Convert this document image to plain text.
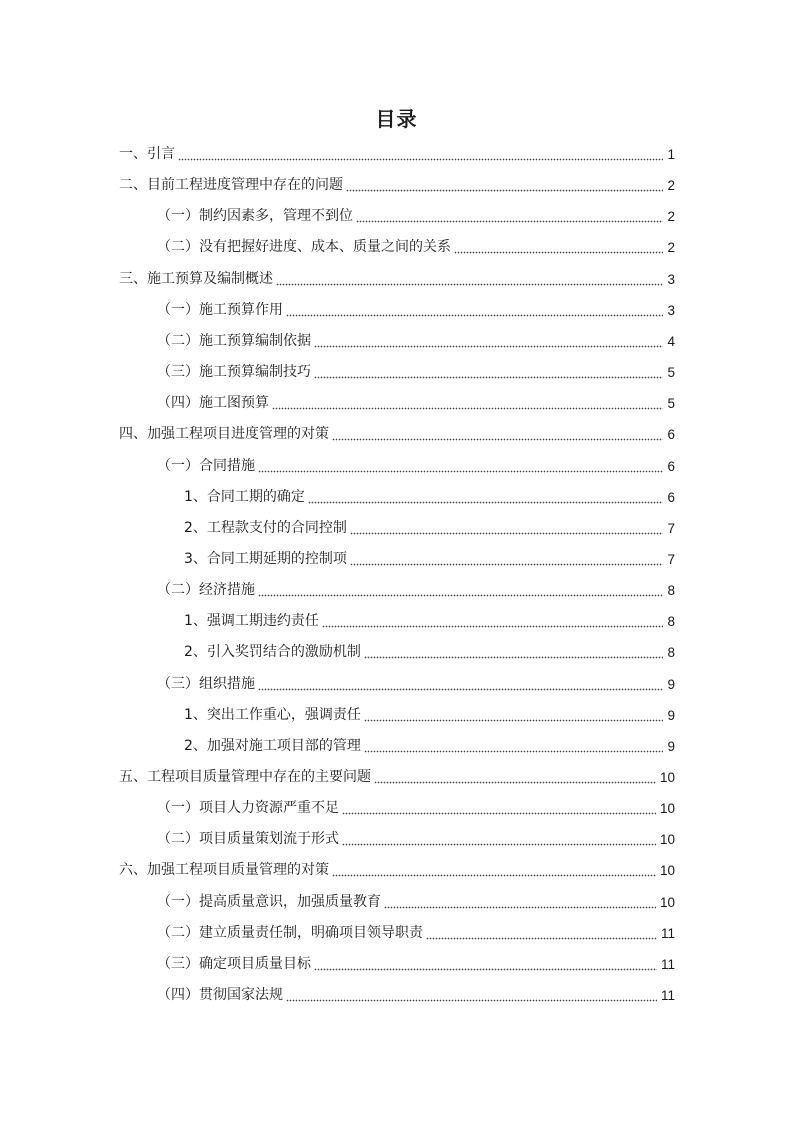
目录
一、引言	1
二、目前工程进度管理中存在的问题	2
（一）制约因素多，管理不到位	2
（二）没有把握好进度、成本、质量之间的关系	2
三、施工预算及编制概述	3
（一）施工预算作用	3
（二）施工预算编制依据	4
（三）施工预算编制技巧	5
（四）施工图预算	5
四、加强工程项目进度管理的对策	6
（一）合同措施	6
1、合同工期的确定	6
2、工程款支付的合同控制	7
3、合同工期延期的控制项	7
（二）经济措施	8
1、强调工期违约责任	8
2、引入奖罚结合的激励机制	8
（三）组织措施	9
1、突出工作重心，强调责任	9
2、加强对施工项目部的管理	9
五、工程项目质量管理中存在的主要问题	10
（一）项目人力资源严重不足	10
（二）项目质量策划流于形式	10
六、加强工程项目质量管理的对策	10
（一）提高质量意识，加强质量教育	10
（二）建立质量责任制，明确项目领导职责	11
（三）确定项目质量目标	11
（四）贯彻国家法规	11
